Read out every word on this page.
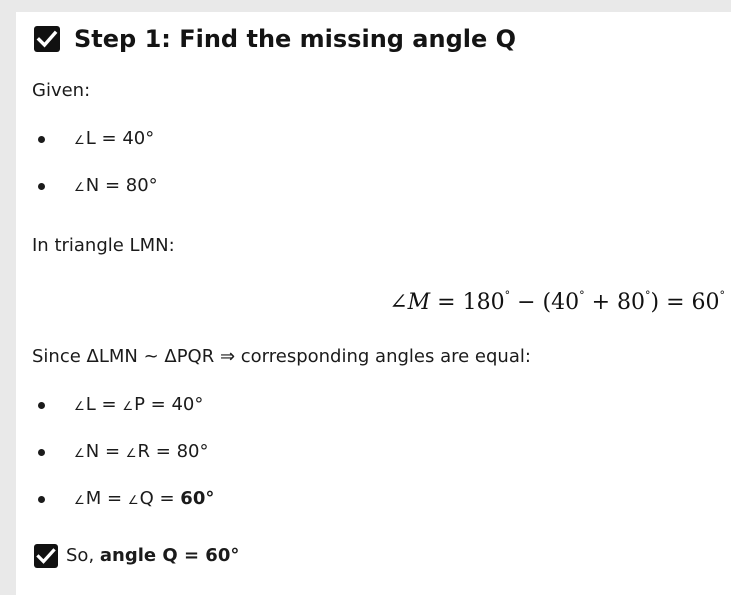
Step 1: Find the missing angle Q
Given:
∠L = 40°
∠N = 80°
In triangle LMN:
∠M = 180° − (40° + 80°) = 60°
Since ΔLMN ~ ΔPQR ⇒ corresponding angles are equal:
∠L = ∠P = 40°
∠N = ∠R = 80°
∠M = ∠Q = 60°
So, angle Q = 60°
